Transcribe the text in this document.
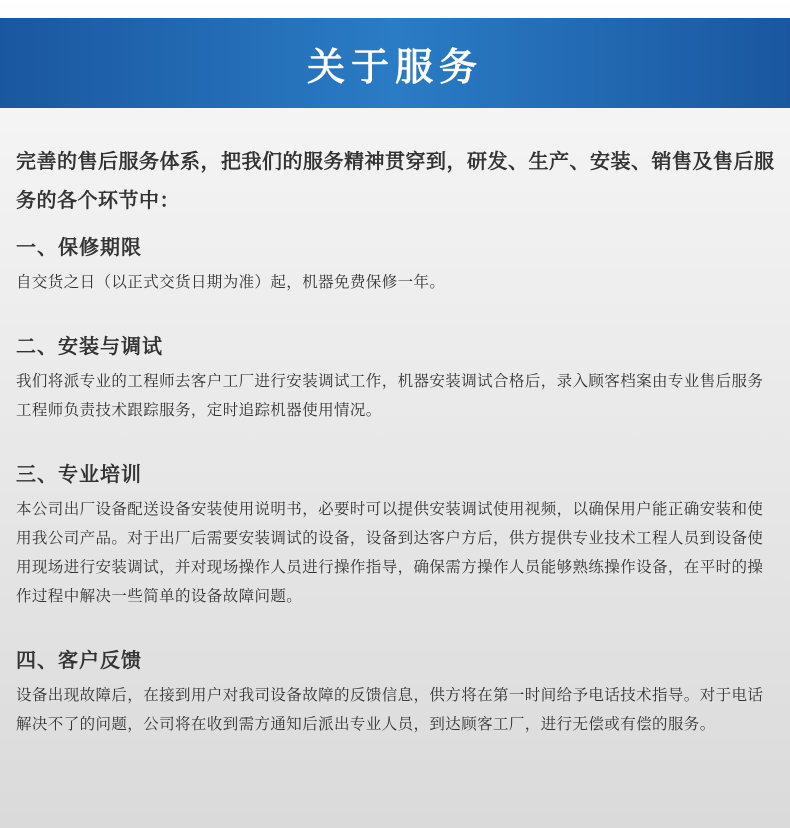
关于服务

完善的售后服务体系，把我们的服务精神贯穿到，研发、生产、安装、销售及售后服务的各个环节中：

一、保修期限

自交货之日（以正式交货日期为准）起，机器免费保修一年。

二、安装与调试

我们将派专业的工程师去客户工厂进行安装调试工作，机器安装调试合格后，录入顾客档案由专业售后服务工程师负责技术跟踪服务，定时追踪机器使用情况。

三、专业培训

本公司出厂设备配送设备安装使用说明书，必要时可以提供安装调试使用视频，以确保用户能正确安装和使用我公司产品。对于出厂后需要安装调试的设备，设备到达客户方后，供方提供专业技术工程人员到设备使用现场进行安装调试，并对现场操作人员进行操作指导，确保需方操作人员能够熟练操作设备，在平时的操作过程中解决一些简单的设备故障问题。

四、客户反馈

设备出现故障后，在接到用户对我司设备故障的反馈信息，供方将在第一时间给予电话技术指导。对于电话解决不了的问题，公司将在收到需方通知后派出专业人员，到达顾客工厂，进行无偿或有偿的服务。
